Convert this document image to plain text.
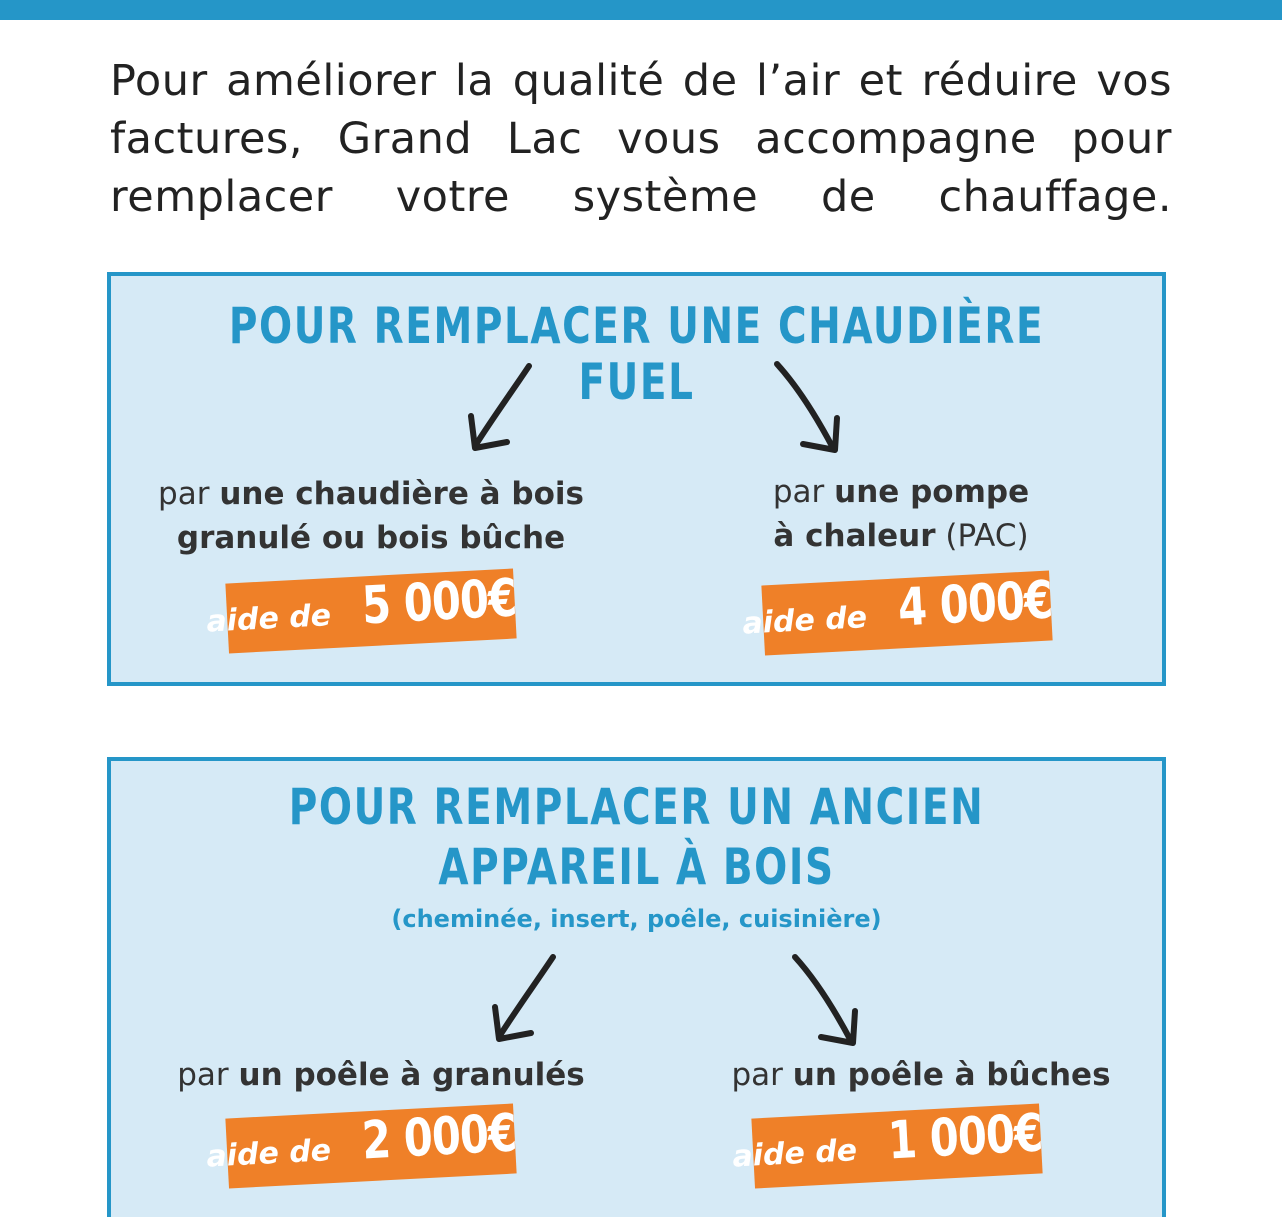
Pour améliorer la qualité de l’air et réduire vos factures, Grand Lac vous accompagne pour remplacer votre système de chauffage.

POUR REMPLACER UNE CHAUDIÈRE FUEL
par une chaudière à bois
granulé ou bois bûche
aide de 5 000€
par une pompe
à chaleur (PAC)
aide de 4 000€
POUR REMPLACER UN ANCIEN
APPAREIL À BOIS

(cheminée, insert, poêle, cuisinière)

par un poêle à granulés
aide de 2 000€
par un poêle à bûches
aide de 1 000€
